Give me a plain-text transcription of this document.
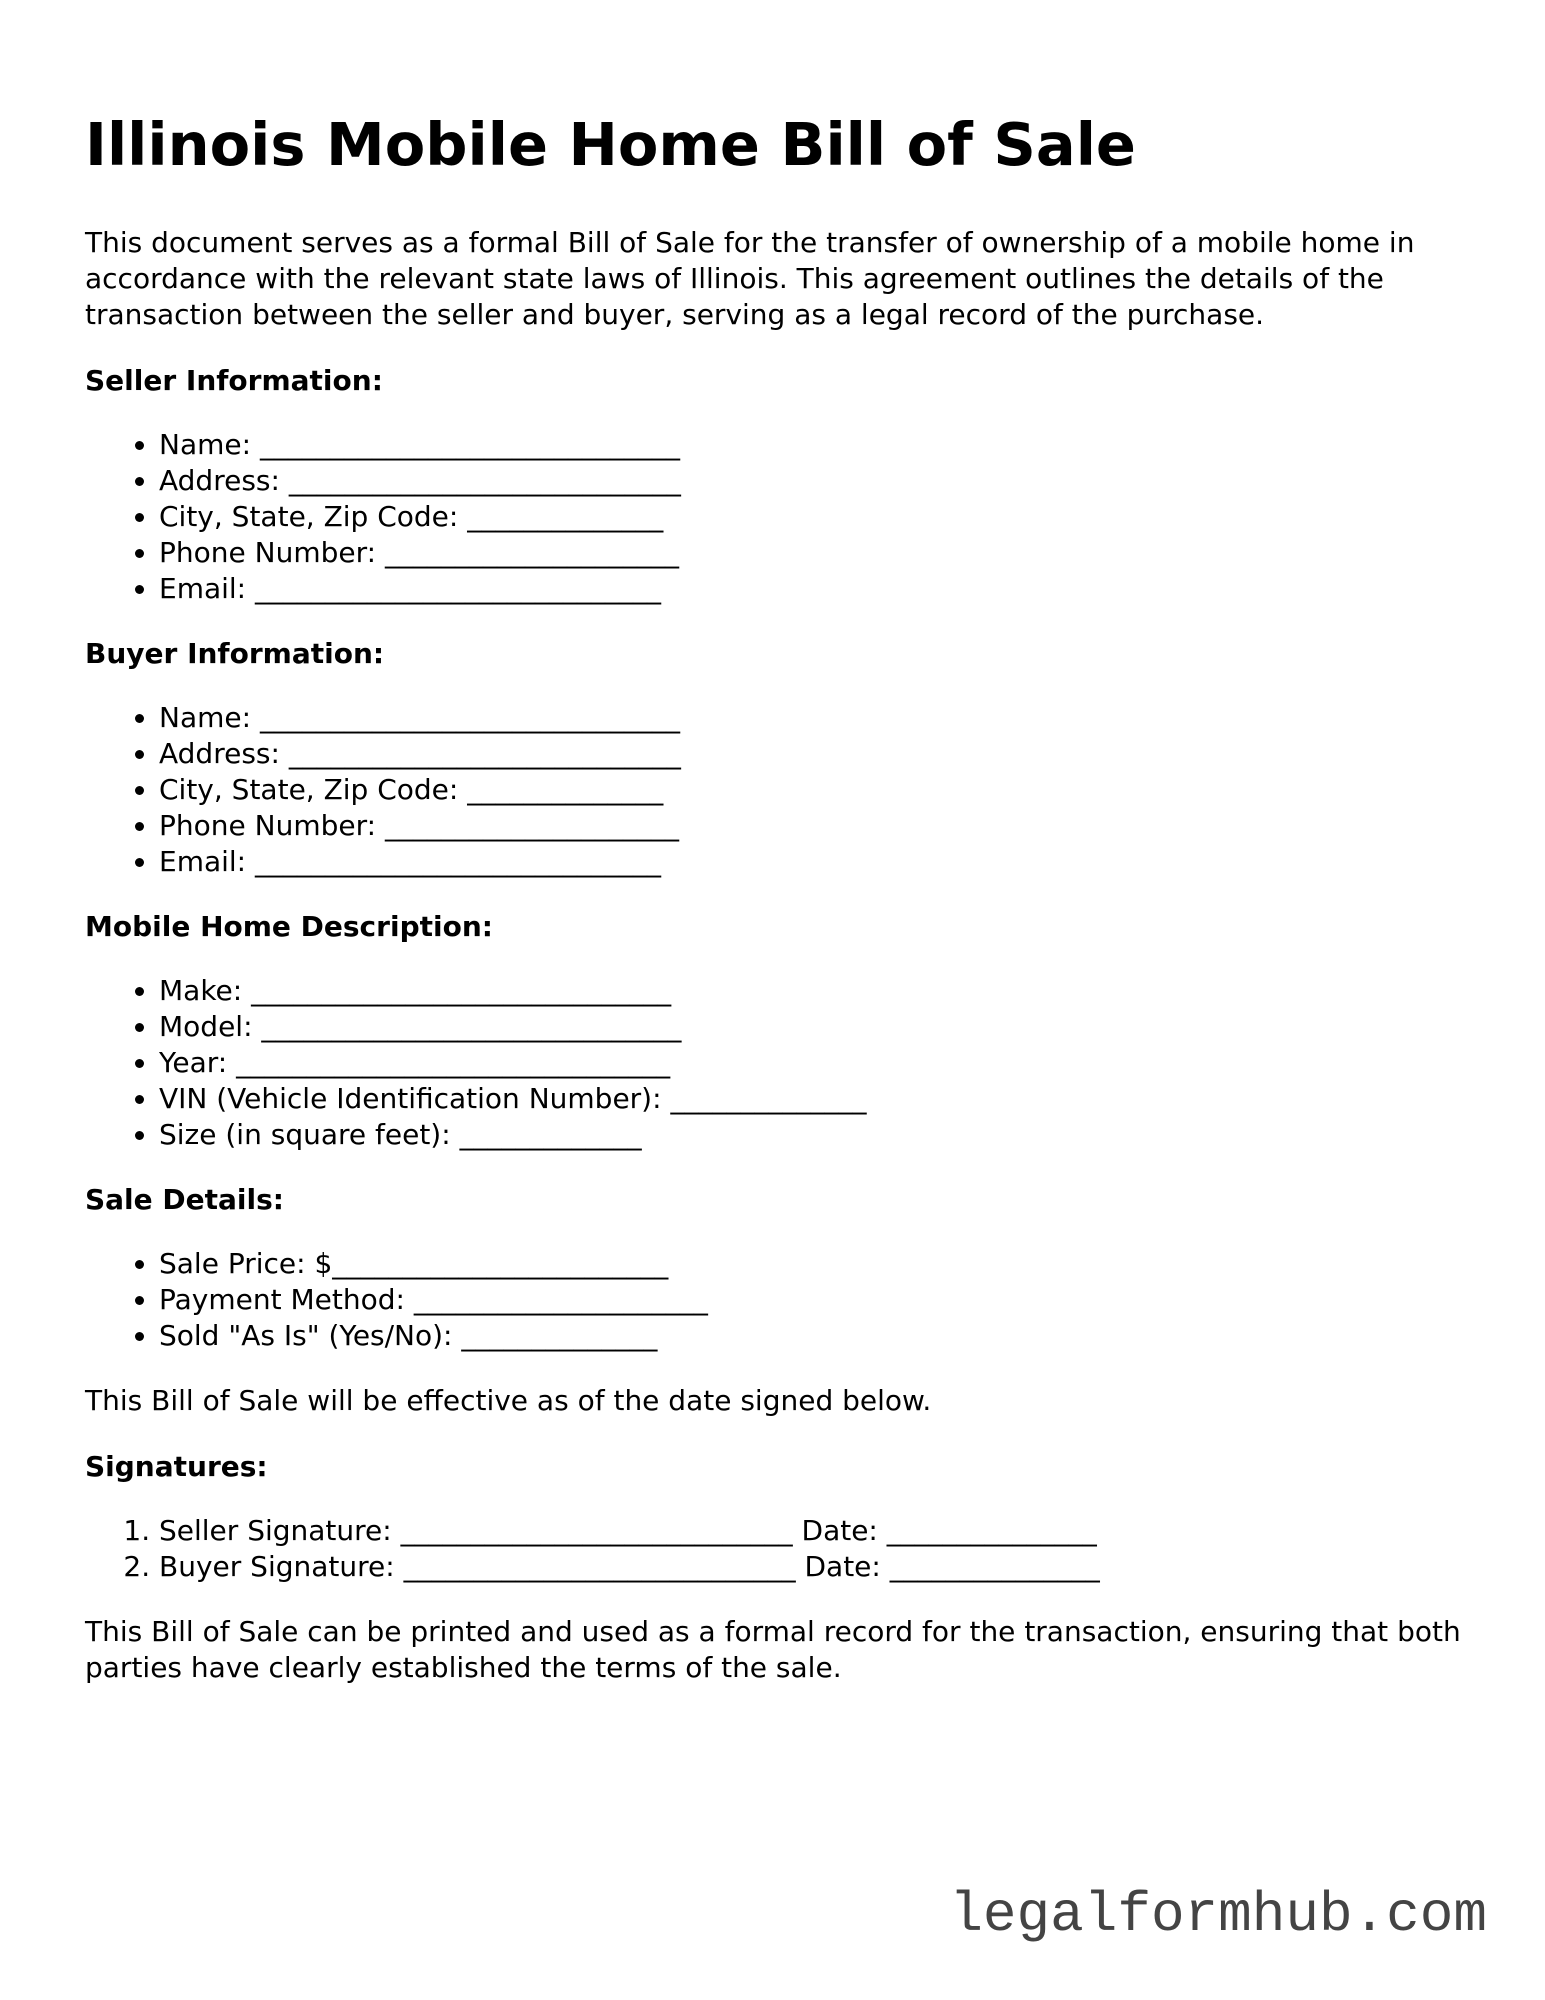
Illinois Mobile Home Bill of Sale

This document serves as a formal Bill of Sale for the transfer of ownership of a mobile home in accordance with the relevant state laws of Illinois. This agreement outlines the details of the transaction between the seller and buyer, serving as a legal record of the purchase.

Seller Information:
• Name: ______________________________
• Address: ____________________________
• City, State, Zip Code: ______________
• Phone Number: _____________________
• Email: _____________________________
Buyer Information:
• Name: ______________________________
• Address: ____________________________
• City, State, Zip Code: ______________
• Phone Number: _____________________
• Email: _____________________________
Mobile Home Description:
• Make: ______________________________
• Model: ______________________________
• Year: _______________________________
• VIN (Vehicle Identification Number): ______________
• Size (in square feet): _____________
Sale Details:
• Sale Price: $________________________
• Payment Method: _____________________
• Sold "As Is" (Yes/No): ______________

This Bill of Sale will be effective as of the date signed below.

Signatures:
1. Seller Signature: ____________________________ Date: _______________
2. Buyer Signature: ____________________________ Date: _______________

This Bill of Sale can be printed and used as a formal record for the transaction, ensuring that both parties have clearly established the terms of the sale.

legalformhub.com
